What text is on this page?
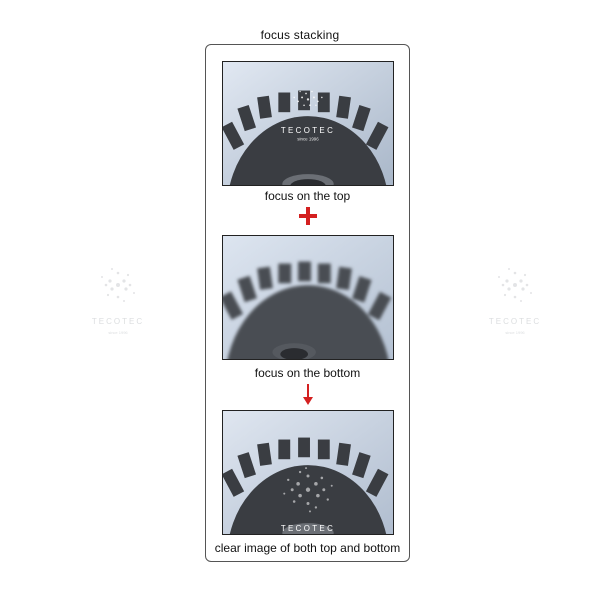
focus stacking
TECOTEC
since 1996
TECOTEC
since 1996
TECOTEC
since 1996
focus on the top
focus on the bottom
TECOTEC
clear image of both top and bottom
